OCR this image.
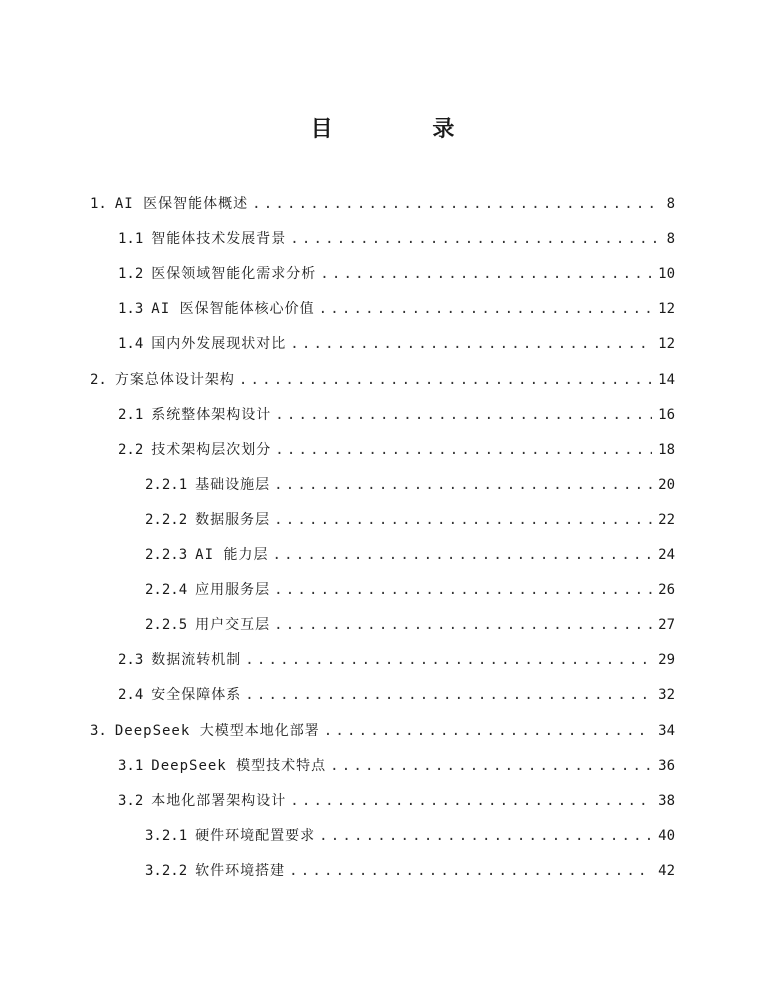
目 录
1. AI 医保智能体概述 .....	8
1.1 智能体技术发展背景 .....	8
1.2 医保领域智能化需求分析 .....	10
1.3 AI 医保智能体核心价值 .....	12
1.4 国内外发展现状对比 .....	12
2. 方案总体设计架构 .....	14
2.1 系统整体架构设计 .....	16
2.2 技术架构层次划分 .....	18
2.2.1 基础设施层 .....	20
2.2.2 数据服务层 .....	22
2.2.3 AI 能力层 .....	24
2.2.4 应用服务层 .....	26
2.2.5 用户交互层 .....	27
2.3 数据流转机制 .....	29
2.4 安全保障体系 .....	32
3. DeepSeek 大模型本地化部署 .....	34
3.1 DeepSeek 模型技术特点 .....	36
3.2 本地化部署架构设计 .....	38
3.2.1 硬件环境配置要求 .....	40
3.2.2 软件环境搭建 .....	42
